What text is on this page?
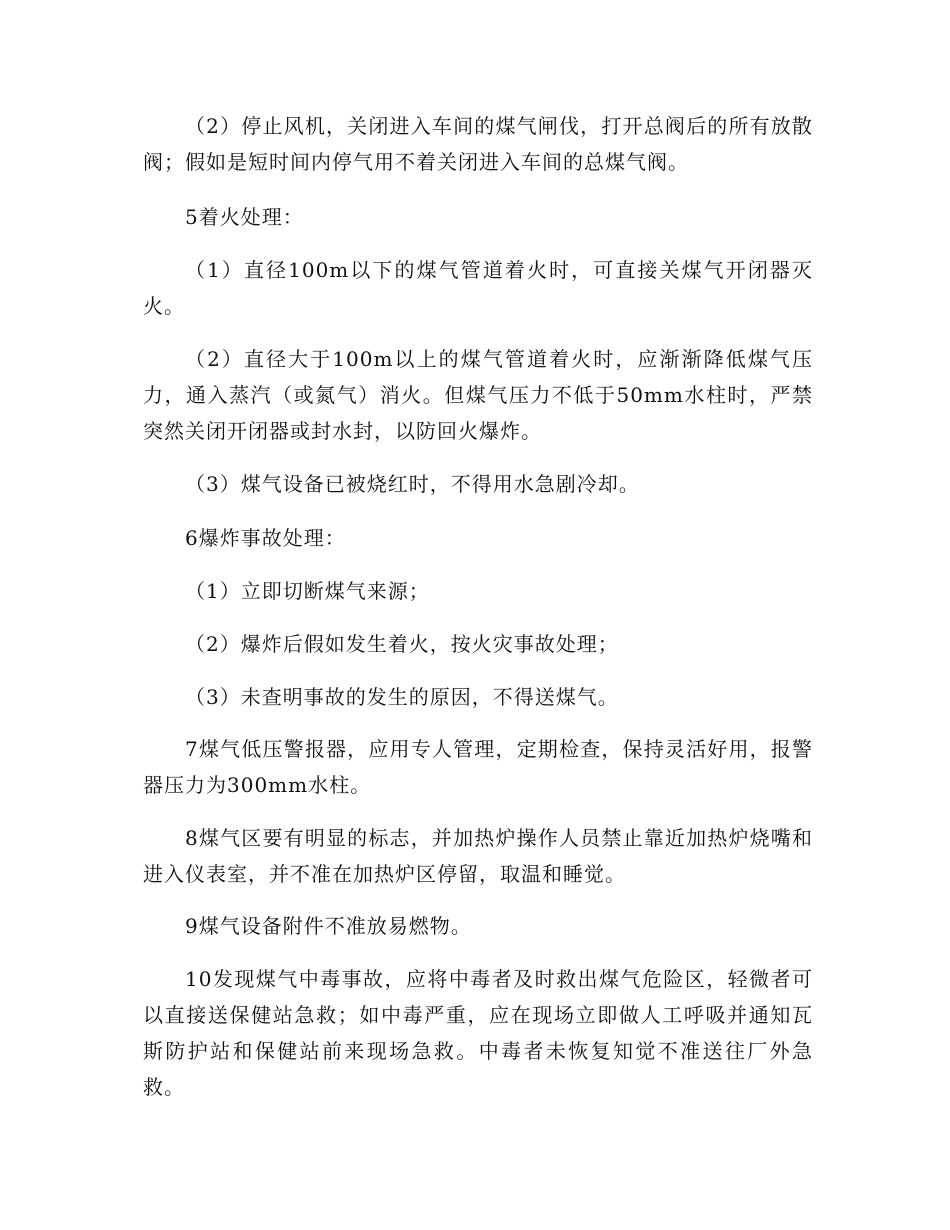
（2）停止风机，关闭进入车间的煤气闸伐，打开总阀后的所有放散阀；假如是短时间内停气用不着关闭进入车间的总煤气阀。

5着火处理：

（1）直径100m以下的煤气管道着火时，可直接关煤气开闭器灭火。

（2）直径大于100m以上的煤气管道着火时，应渐渐降低煤气压力，通入蒸汽（或氮气）消火。但煤气压力不低于50mm水柱时，严禁突然关闭开闭器或封水封，以防回火爆炸。

（3）煤气设备已被烧红时，不得用水急剧冷却。

6爆炸事故处理：

（1）立即切断煤气来源；

（2）爆炸后假如发生着火，按火灾事故处理；

（3）未查明事故的发生的原因，不得送煤气。

7煤气低压警报器，应用专人管理，定期检查，保持灵活好用，报警器压力为300mm水柱。

8煤气区要有明显的标志，并加热炉操作人员禁止靠近加热炉烧嘴和进入仪表室，并不准在加热炉区停留，取温和睡觉。

9煤气设备附件不准放易燃物。

10发现煤气中毒事故，应将中毒者及时救出煤气危险区，轻微者可以直接送保健站急救；如中毒严重，应在现场立即做人工呼吸并通知瓦斯防护站和保健站前来现场急救。中毒者未恢复知觉不准送往厂外急救。
